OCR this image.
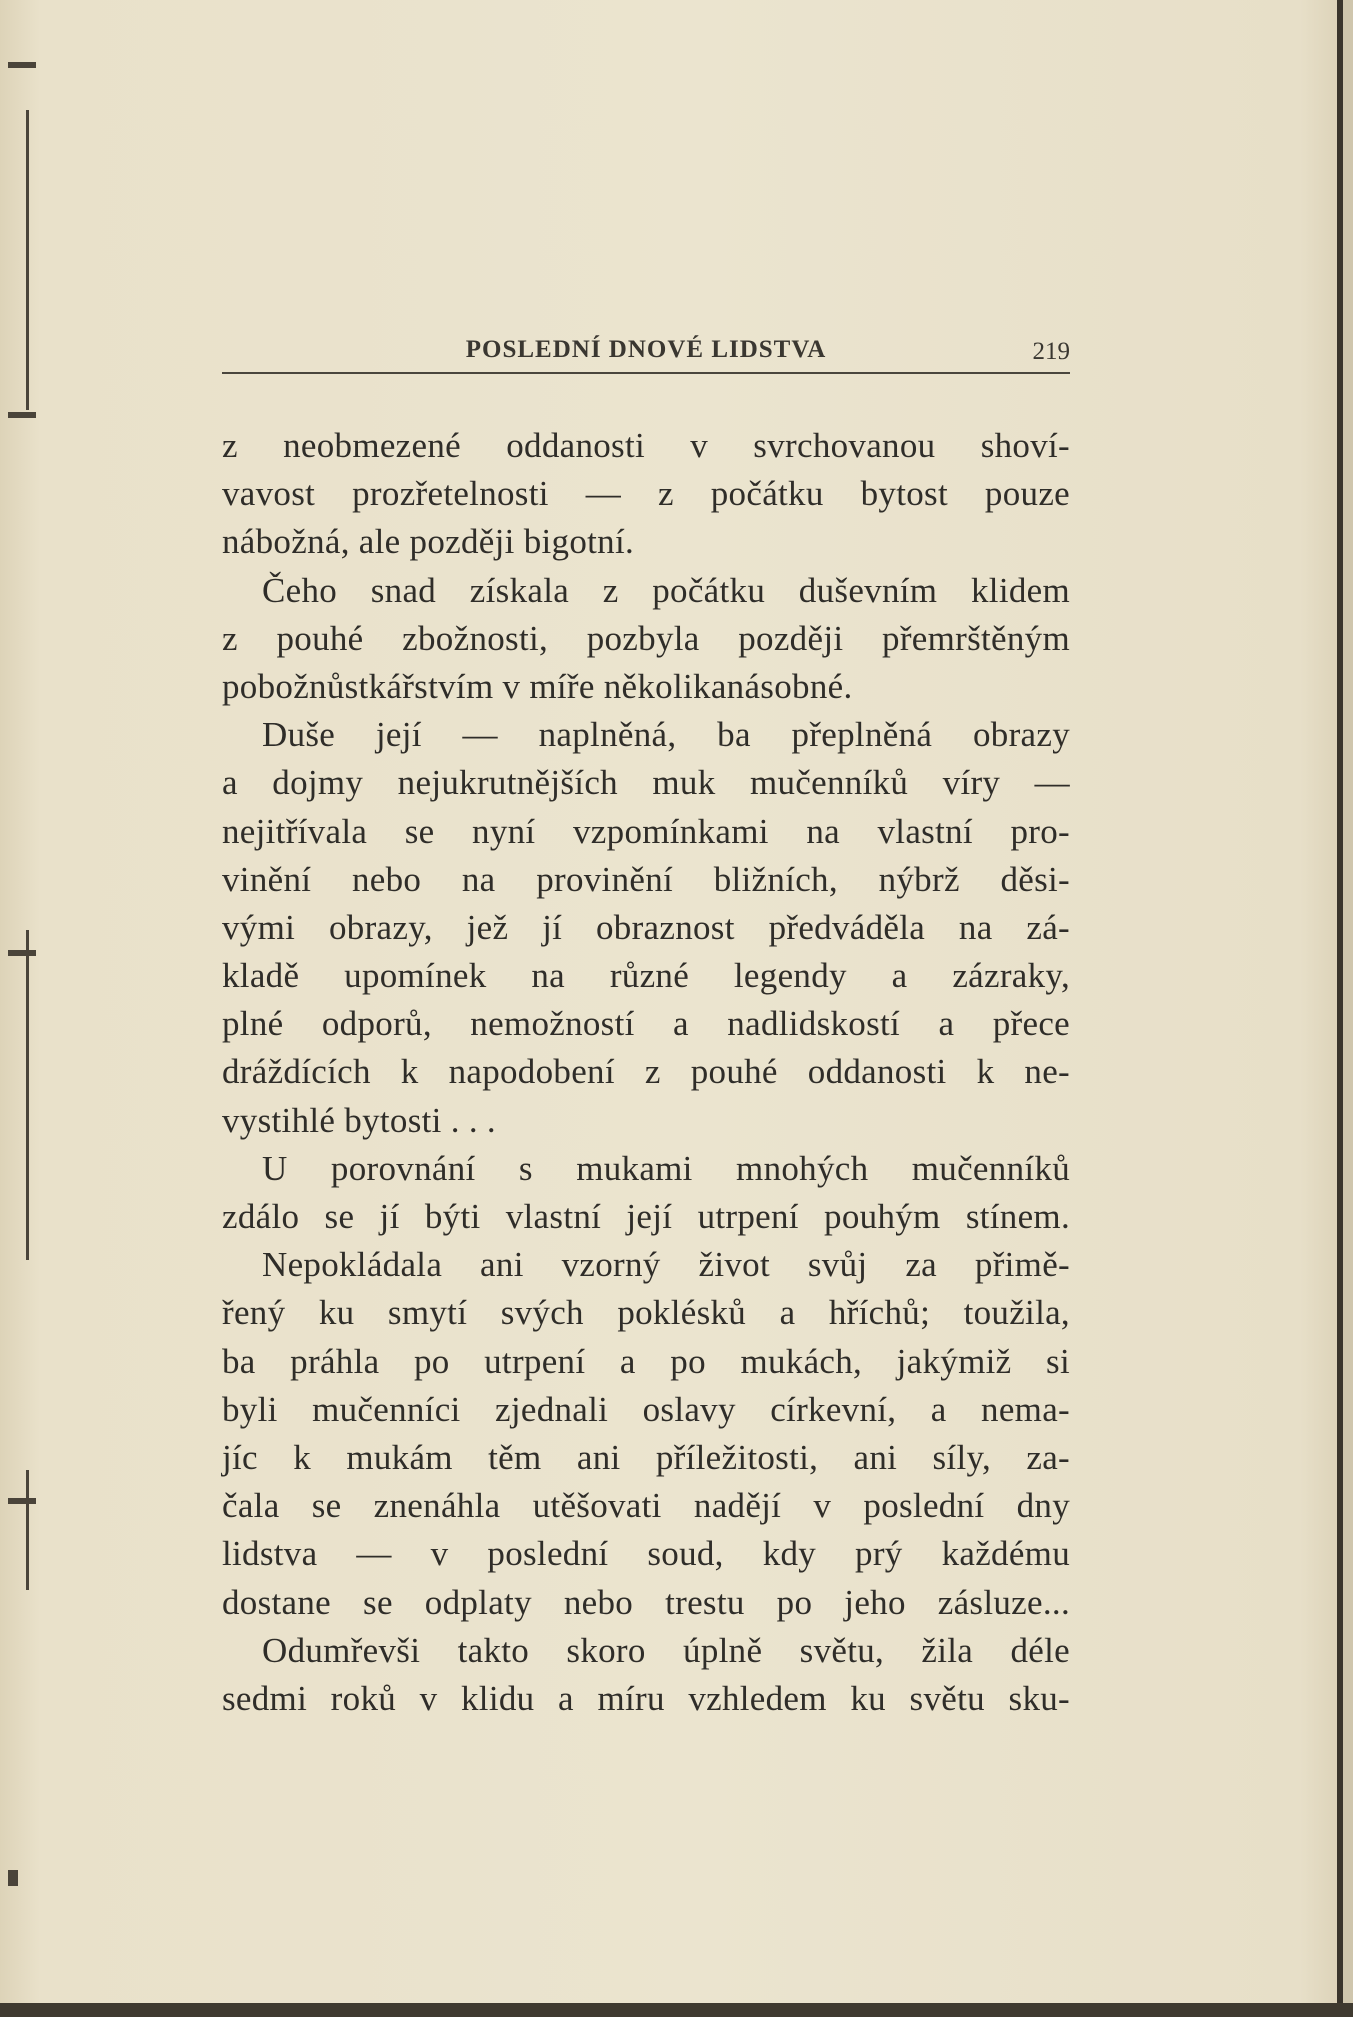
POSLEDNÍ DNOVÉ LIDSTVA	219
z neobmezené oddanosti v svrchovanou shoví-
vavost prozřetelnosti — z počátku bytost pouze
nábožná, ale později bigotní.
Čeho snad získala z počátku duševním klidem
z pouhé zbožnosti, pozbyla později přemrštěným
pobožnůstkářstvím v míře několikanásobné.
Duše její — naplněná, ba přeplněná obrazy
a dojmy nejukrutnějších muk mučenníků víry —
nejitřívala se nyní vzpomínkami na vlastní pro-
vinění nebo na provinění bližních, nýbrž děsi-
vými obrazy, jež jí obraznost předváděla na zá-
kladě upomínek na různé legendy a zázraky,
plné odporů, nemožností a nadlidskostí a přece
dráždících k napodobení z pouhé oddanosti k ne-
vystihlé bytosti . . .
U porovnání s mukami mnohých mučenníků
zdálo se jí býti vlastní její utrpení pouhým stínem.
Nepokládala ani vzorný život svůj za přimě-
řený ku smytí svých poklésků a hříchů; toužila,
ba práhla po utrpení a po mukách, jakýmiž si
byli mučenníci zjednali oslavy církevní, a nema-
jíc k mukám těm ani příležitosti, ani síly, za-
čala se znenáhla utěšovati nadějí v poslední dny
lidstva — v poslední soud, kdy prý každému
dostane se odplaty nebo trestu po jeho zásluze...
Odumřevši takto skoro úplně světu, žila déle
sedmi roků v klidu a míru vzhledem ku světu sku-
